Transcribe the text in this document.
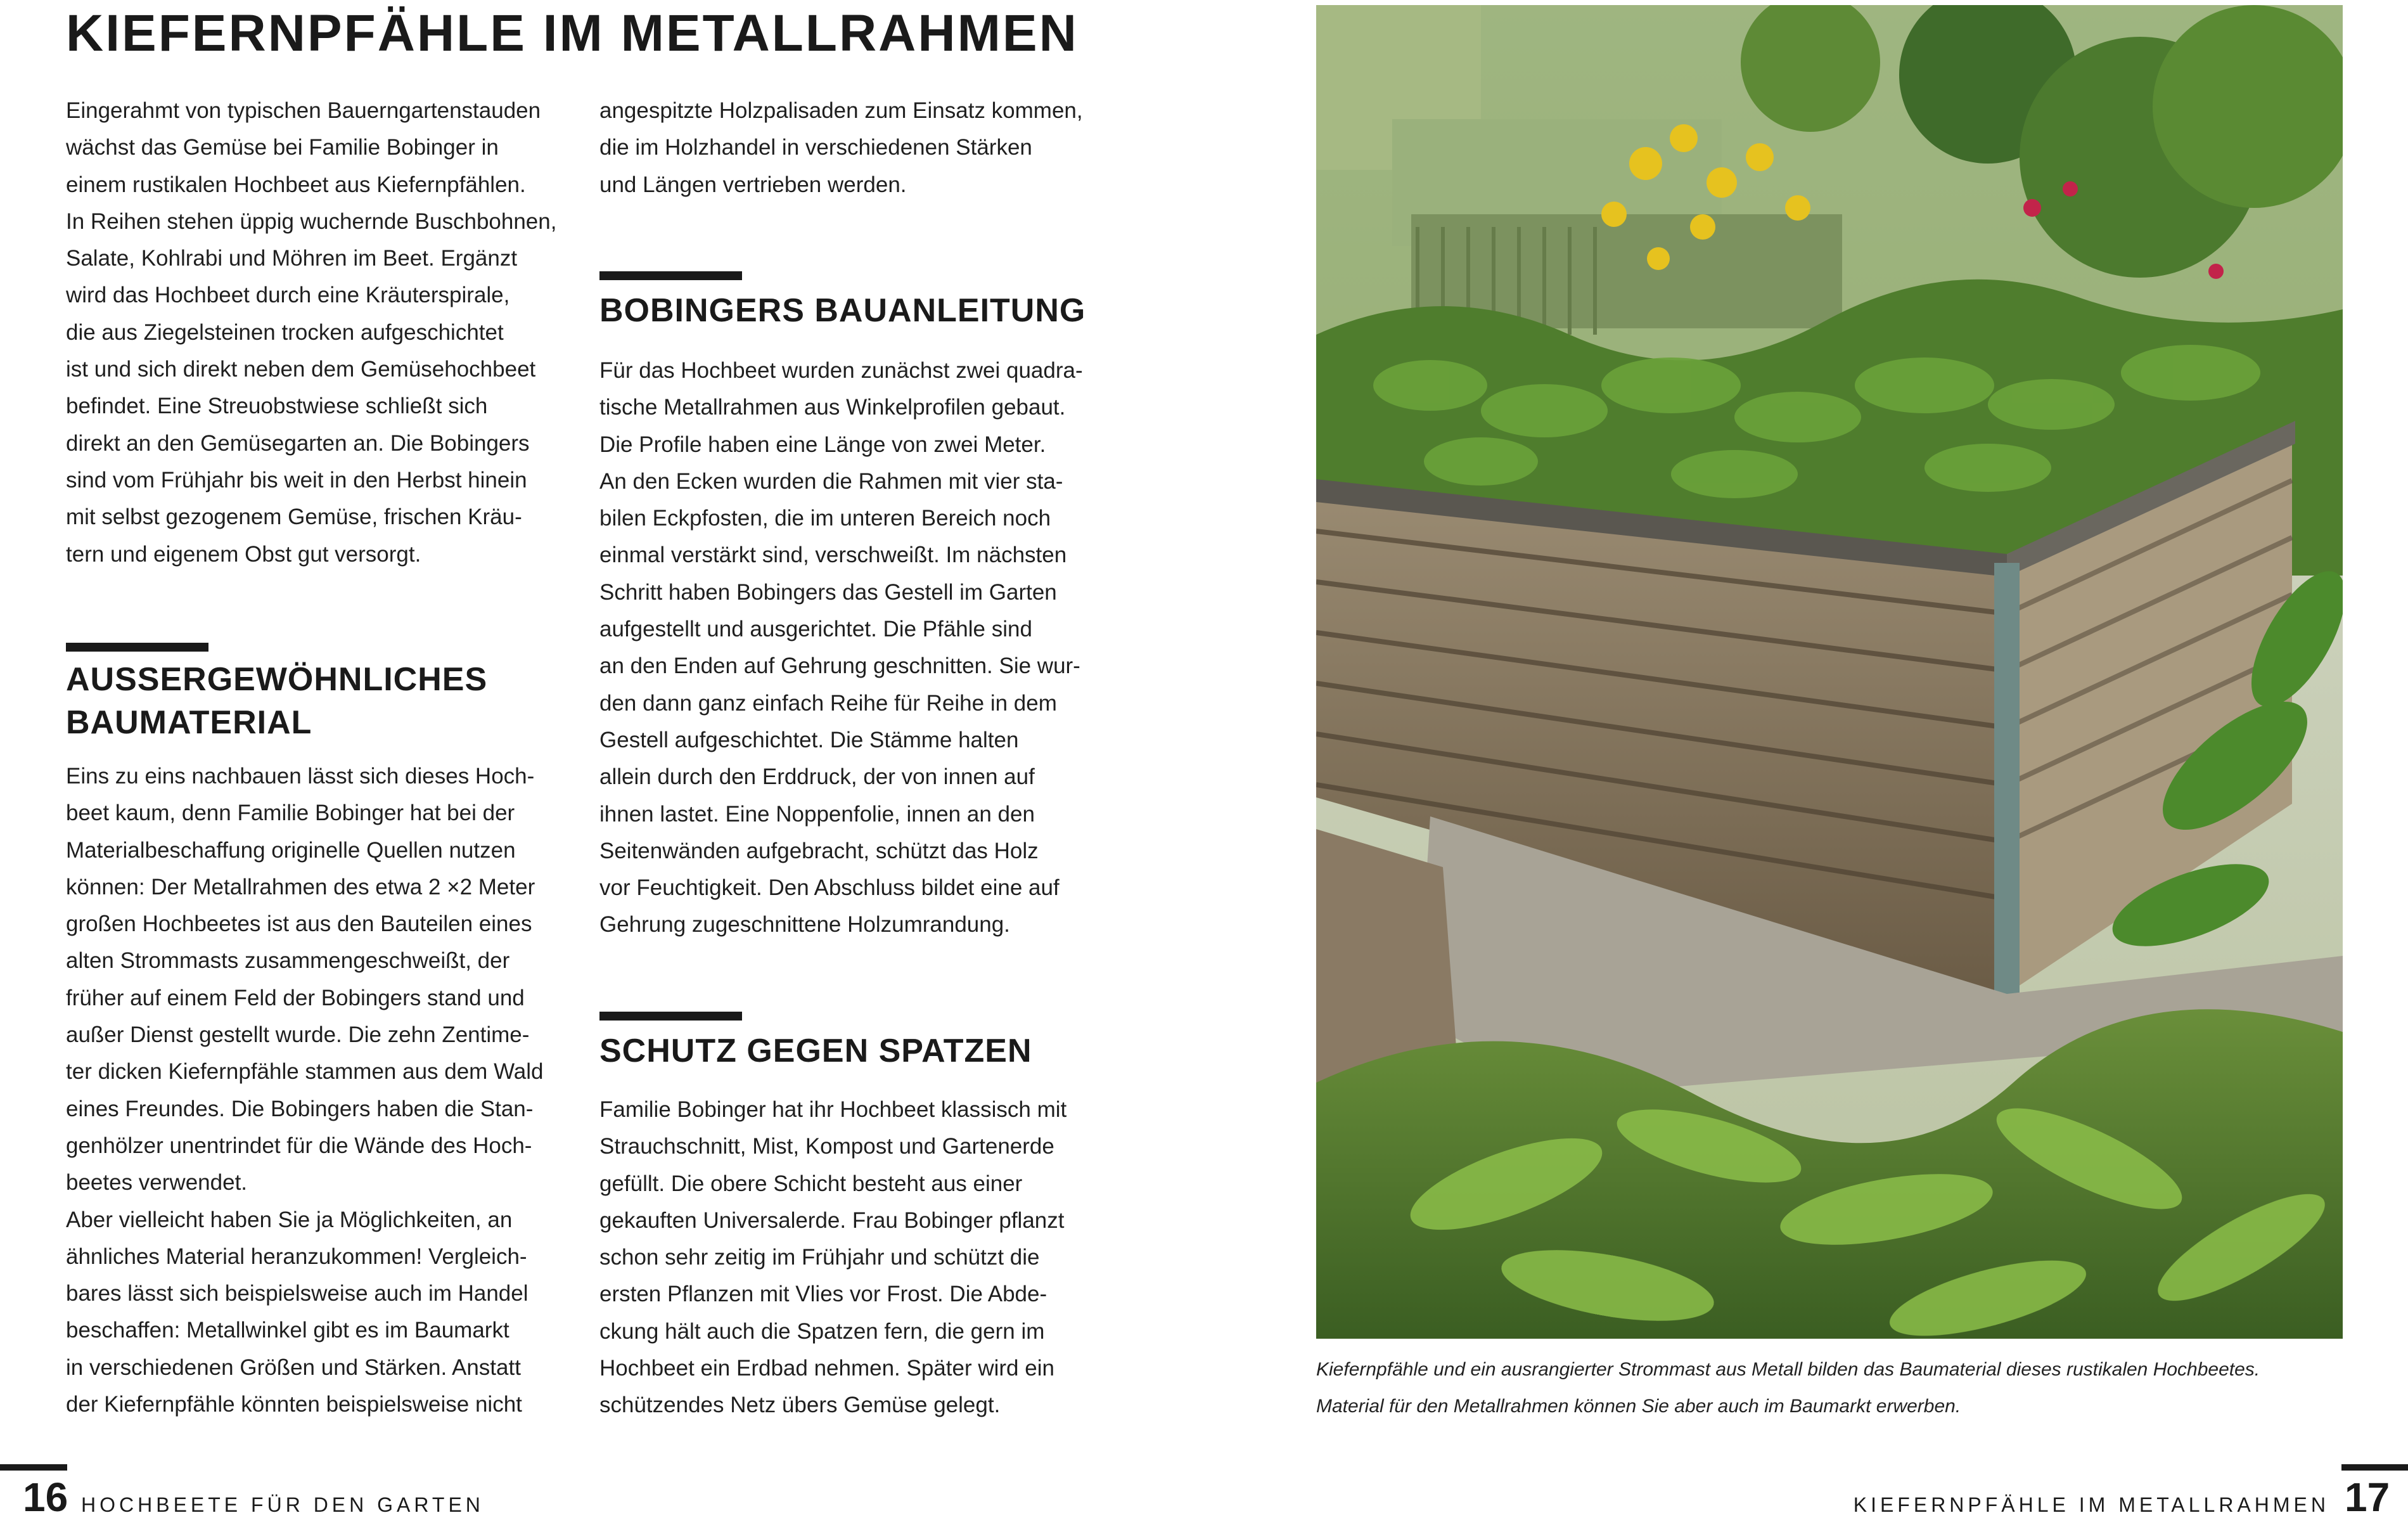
KIEFERNPFÄHLE IM METALLRAHMEN

Eingerahmt von typischen Bauerngartenstauden
wächst das Gemüse bei Familie Bobinger in
einem rustikalen Hochbeet aus Kiefernpfählen.
In Reihen stehen üppig wuchernde Buschbohnen,
Salate, Kohlrabi und Möhren im Beet. Ergänzt
wird das Hochbeet durch eine Kräuterspirale,
die aus Ziegelsteinen trocken aufgeschichtet
ist und sich direkt neben dem Gemüsehochbeet
befindet. Eine Streuobstwiese schließt sich
direkt an den Gemüsegarten an. Die Bobingers
sind vom Frühjahr bis weit in den Herbst hinein
mit selbst gezogenem Gemüse, frischen Kräu-
tern und eigenem Obst gut versorgt.

AUSSERGEWÖHNLICHES
BAUMATERIAL

Eins zu eins nachbauen lässt sich dieses Hoch-
beet kaum, denn Familie Bobinger hat bei der
Materialbeschaffung originelle Quellen nutzen
können: Der Metallrahmen des etwa 2 ×2 Meter
großen Hochbeetes ist aus den Bauteilen eines
alten Strommasts zusammengeschweißt, der
früher auf einem Feld der Bobingers stand und
außer Dienst gestellt wurde. Die zehn Zentime-
ter dicken Kiefernpfähle stammen aus dem Wald
eines Freundes. Die Bobingers haben die Stan-
genhölzer unentrindet für die Wände des Hoch-
beetes verwendet.
Aber vielleicht haben Sie ja Möglichkeiten, an
ähnliches Material heranzukommen! Vergleich-
bares lässt sich beispielsweise auch im Handel
beschaffen: Metallwinkel gibt es im Baumarkt
in verschiedenen Größen und Stärken. Anstatt
der Kiefernpfähle könnten beispielsweise nicht

angespitzte Holzpalisaden zum Einsatz kommen,
die im Holzhandel in verschiedenen Stärken
und Längen vertrieben werden.

BOBINGERS BAUANLEITUNG

Für das Hochbeet wurden zunächst zwei quadra-
tische Metallrahmen aus Winkelprofilen gebaut.
Die Profile haben eine Länge von zwei Meter.
An den Ecken wurden die Rahmen mit vier sta-
bilen Eckpfosten, die im unteren Bereich noch
einmal verstärkt sind, verschweißt. Im nächsten
Schritt haben Bobingers das Gestell im Garten
aufgestellt und ausgerichtet. Die Pfähle sind
an den Enden auf Gehrung geschnitten. Sie wur-
den dann ganz einfach Reihe für Reihe in dem
Gestell aufgeschichtet. Die Stämme halten
allein durch den Erddruck, der von innen auf
ihnen lastet. Eine Noppenfolie, innen an den
Seitenwänden aufgebracht, schützt das Holz
vor Feuchtigkeit. Den Abschluss bildet eine auf
Gehrung zugeschnittene Holzumrandung.

SCHUTZ GEGEN SPATZEN

Familie Bobinger hat ihr Hochbeet klassisch mit
Strauchschnitt, Mist, Kompost und Gartenerde
gefüllt. Die obere Schicht besteht aus einer
gekauften Universalerde. Frau Bobinger pflanzt
schon sehr zeitig im Frühjahr und schützt die
ersten Pflanzen mit Vlies vor Frost. Die Abde-
ckung hält auch die Spatzen fern, die gern im
Hochbeet ein Erdbad nehmen. Später wird ein
schützendes Netz übers Gemüse gelegt.

Kiefernpfähle und ein ausrangierter Strommast aus Metall bilden das Baumaterial dieses rustikalen Hochbeetes.

Material für den Metallrahmen können Sie aber auch im Baumarkt erwerben.

16 HOCHBEETE FÜR DEN GARTEN	17
KIEFERNPFÄHLE IM METALLRAHMEN
